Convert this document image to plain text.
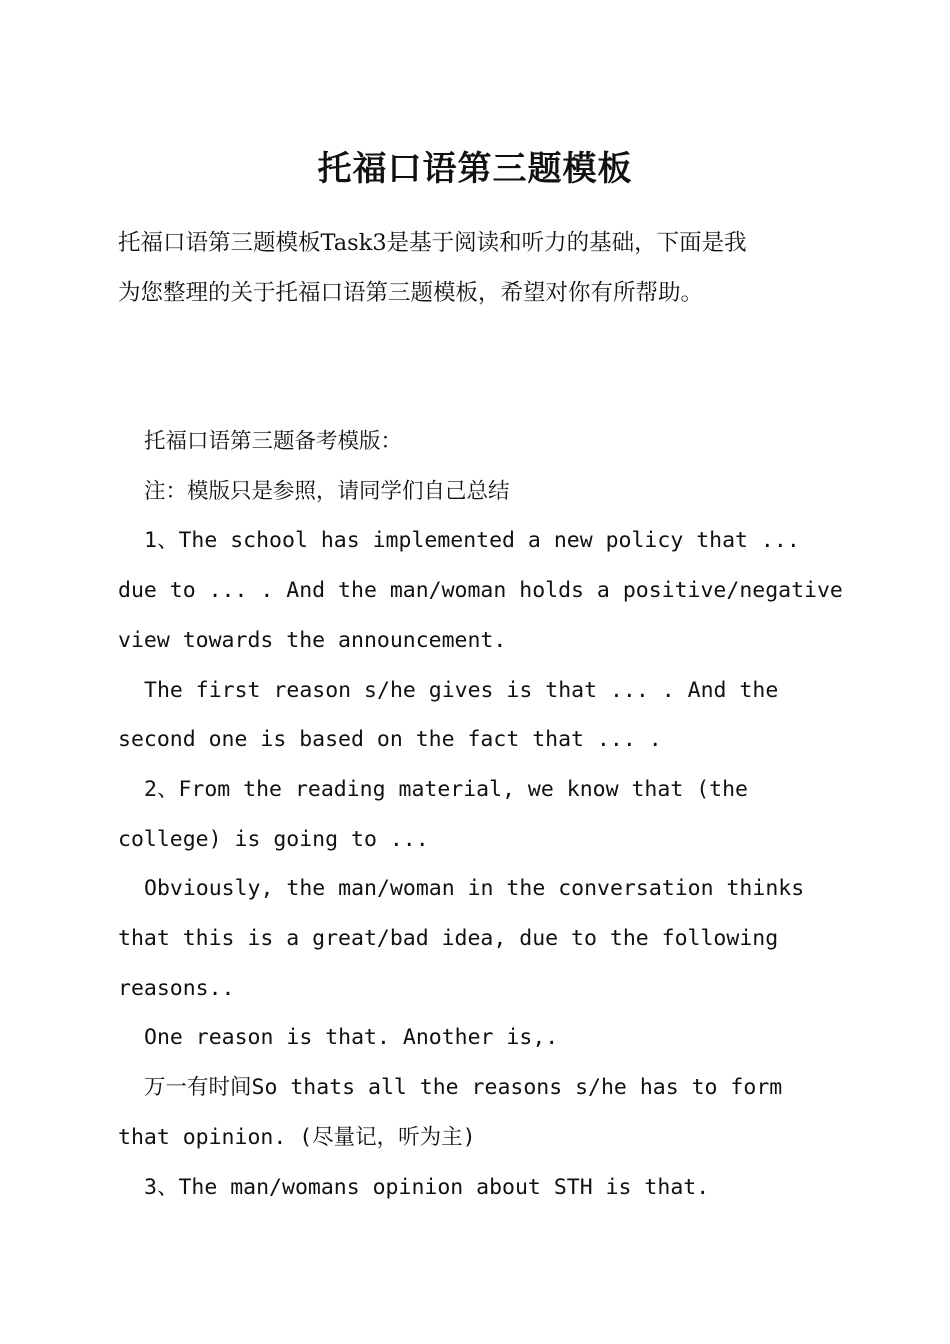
托福口语第三题模板

托福口语第三题模板Task3是基于阅读和听力的基础，下面是我

为您整理的关于托福口语第三题模板，希望对你有所帮助。

托福口语第三题备考模版：

注：模版只是参照，请同学们自己总结

1、The school has implemented a new policy that ...

due to ... . And the man/woman holds a positive/negative

view towards the announcement.

The first reason s/he gives is that ... . And the

second one is based on the fact that ... .

2、From the reading material, we know that (the

college) is going to ...

Obviously, the man/woman in the conversation thinks

that this is a great/bad idea, due to the following

reasons..

One reason is that. Another is,.

万一有时间So thats all the reasons s/he has to form

that opinion. (尽量记，听为主)

3、The man/womans opinion about STH is that.
